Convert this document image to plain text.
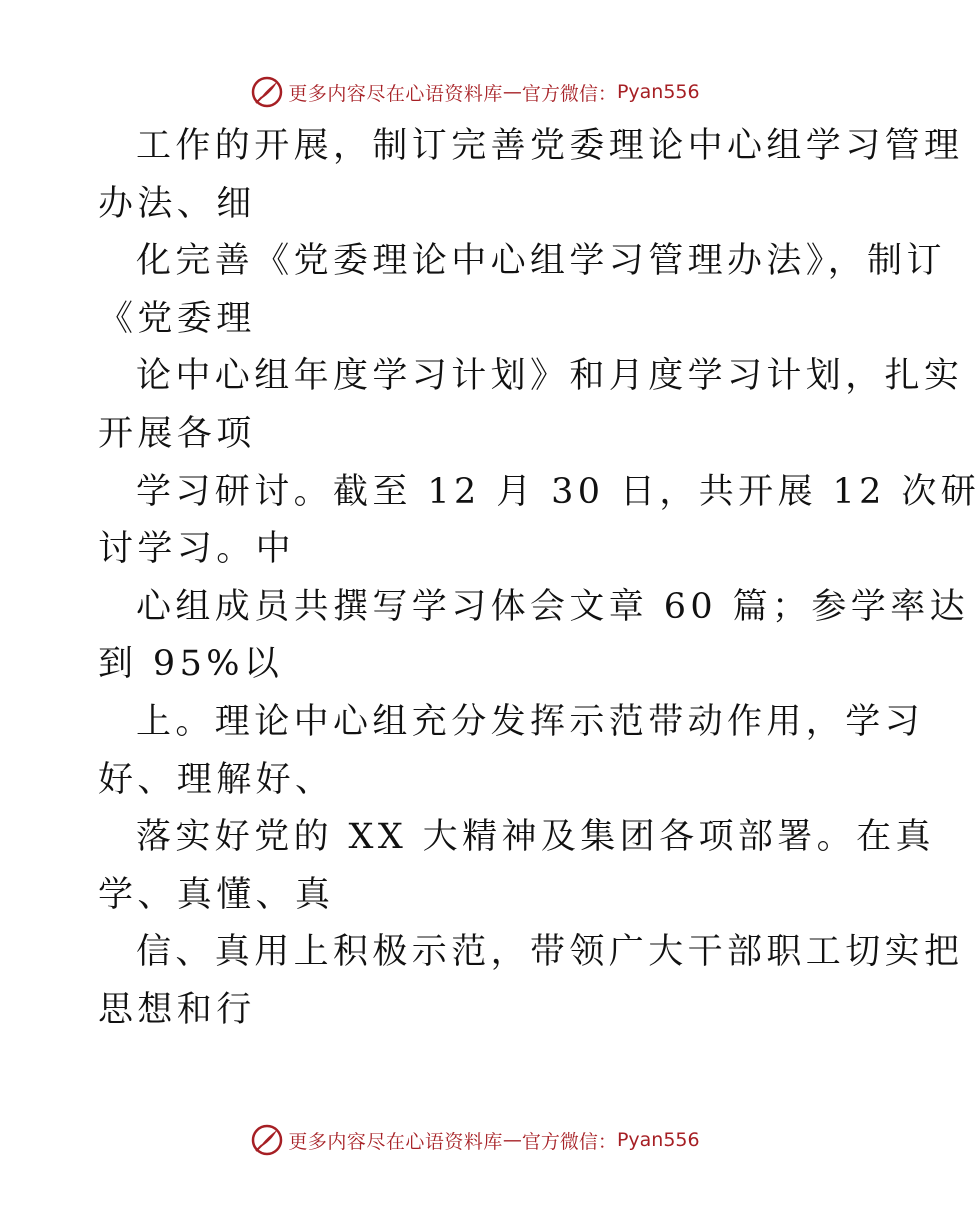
更多内容尽在心语资料库 — 官方微信： Pyan556
工作的开展，制订完善党委理论中心组学习管理
办法、细
化完善《党委理论中心组学习管理办法》，制订
《党委理
论中心组年度学习计划》和月度学习计划，扎实
开展各项
学习研讨。截至 12 月 30 日，共开展 12 次研
讨学习。中
心组成员共撰写学习体会文章 60 篇；参学率达
到 95%以
上。理论中心组充分发挥示范带动作用，学习
好、理解好、
落实好党的 XX 大精神及集团各项部署。在真
学、真懂、真
信、真用上积极示范，带领广大干部职工切实把
思想和行
更多内容尽在心语资料库 — 官方微信： Pyan556
